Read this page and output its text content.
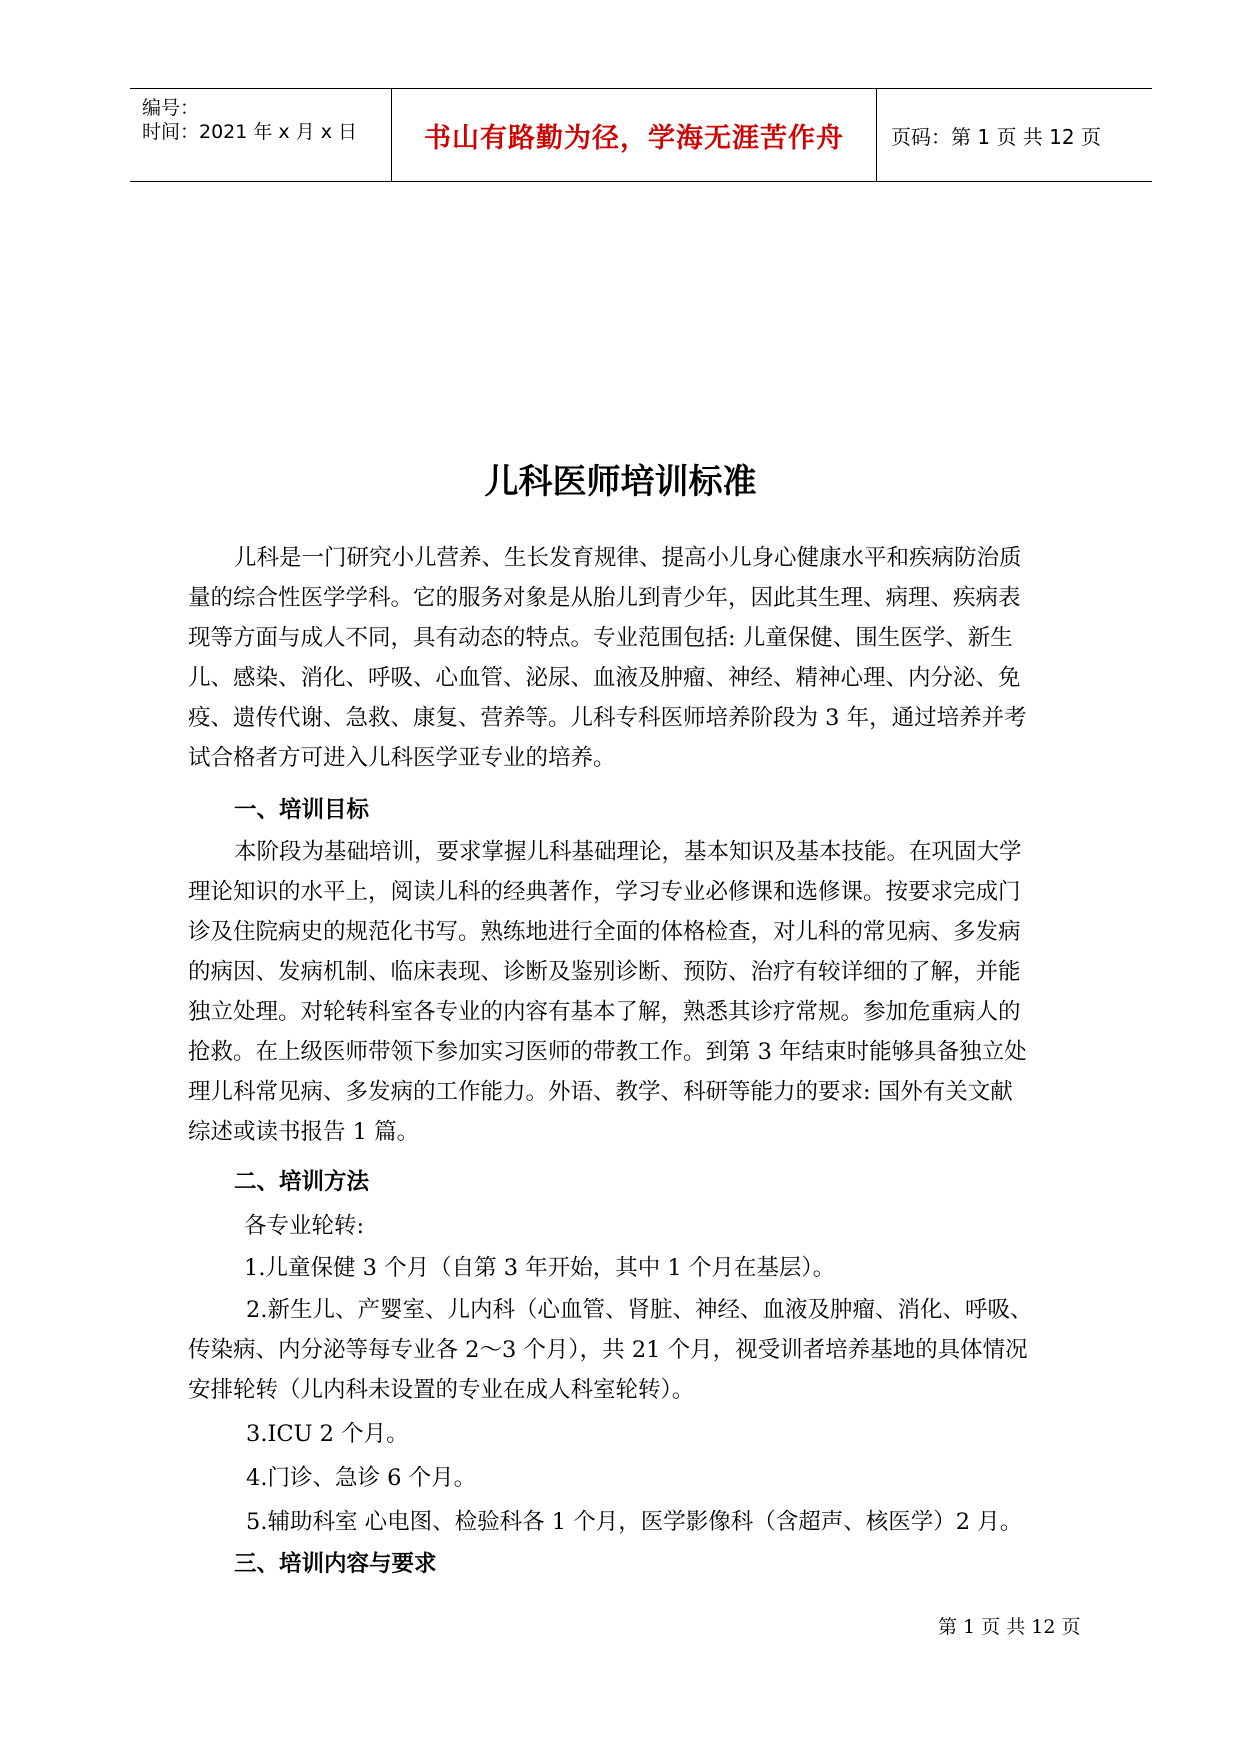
编号：
时间：2021 年 x 月 x 日 书山有路勤为径，学海无涯苦作舟	页码：第 1 页 共 12 页
儿科医师培训标准
儿科是一门研究小儿营养、生长发育规律、提高小儿身心健康水平和疾病防治质
量的综合性医学学科。它的服务对象是从胎儿到青少年，因此其生理、病理、疾病表
现等方面与成人不同，具有动态的特点。专业范围包括: 儿童保健、围生医学、新生
儿、感染、消化、呼吸、心血管、泌尿、血液及肿瘤、神经、精神心理、内分泌、免
疫、遗传代谢、急救、康复、营养等。儿科专科医师培养阶段为 3 年，通过培养并考
试合格者方可进入儿科医学亚专业的培养。
一、培训目标
本阶段为基础培训，要求掌握儿科基础理论，基本知识及基本技能。在巩固大学
理论知识的水平上，阅读儿科的经典著作，学习专业必修课和选修课。按要求完成门
诊及住院病史的规范化书写。熟练地进行全面的体格检查，对儿科的常见病、多发病
的病因、发病机制、临床表现、诊断及鉴别诊断、预防、治疗有较详细的了解，并能
独立处理。对轮转科室各专业的内容有基本了解，熟悉其诊疗常规。参加危重病人的
抢救。在上级医师带领下参加实习医师的带教工作。到第 3 年结束时能够具备独立处
理儿科常见病、多发病的工作能力。外语、教学、科研等能力的要求: 国外有关文献
综述或读书报告 1 篇。
二、培训方法
各专业轮转:
1.儿童保健 3 个月（自第 3 年开始，其中 1 个月在基层）。
2.新生儿、产婴室、儿内科（心血管、肾脏、神经、血液及肿瘤、消化、呼吸、
传染病、内分泌等每专业各 2～3 个月），共 21 个月，视受训者培养基地的具体情况
安排轮转（儿内科未设置的专业在成人科室轮转）。
3.ICU 2 个月。
4.门诊、急诊 6 个月。
5.辅助科室 心电图、检验科各 1 个月，医学影像科（含超声、核医学）2 月。
三、培训内容与要求
第 1 页 共 12 页
